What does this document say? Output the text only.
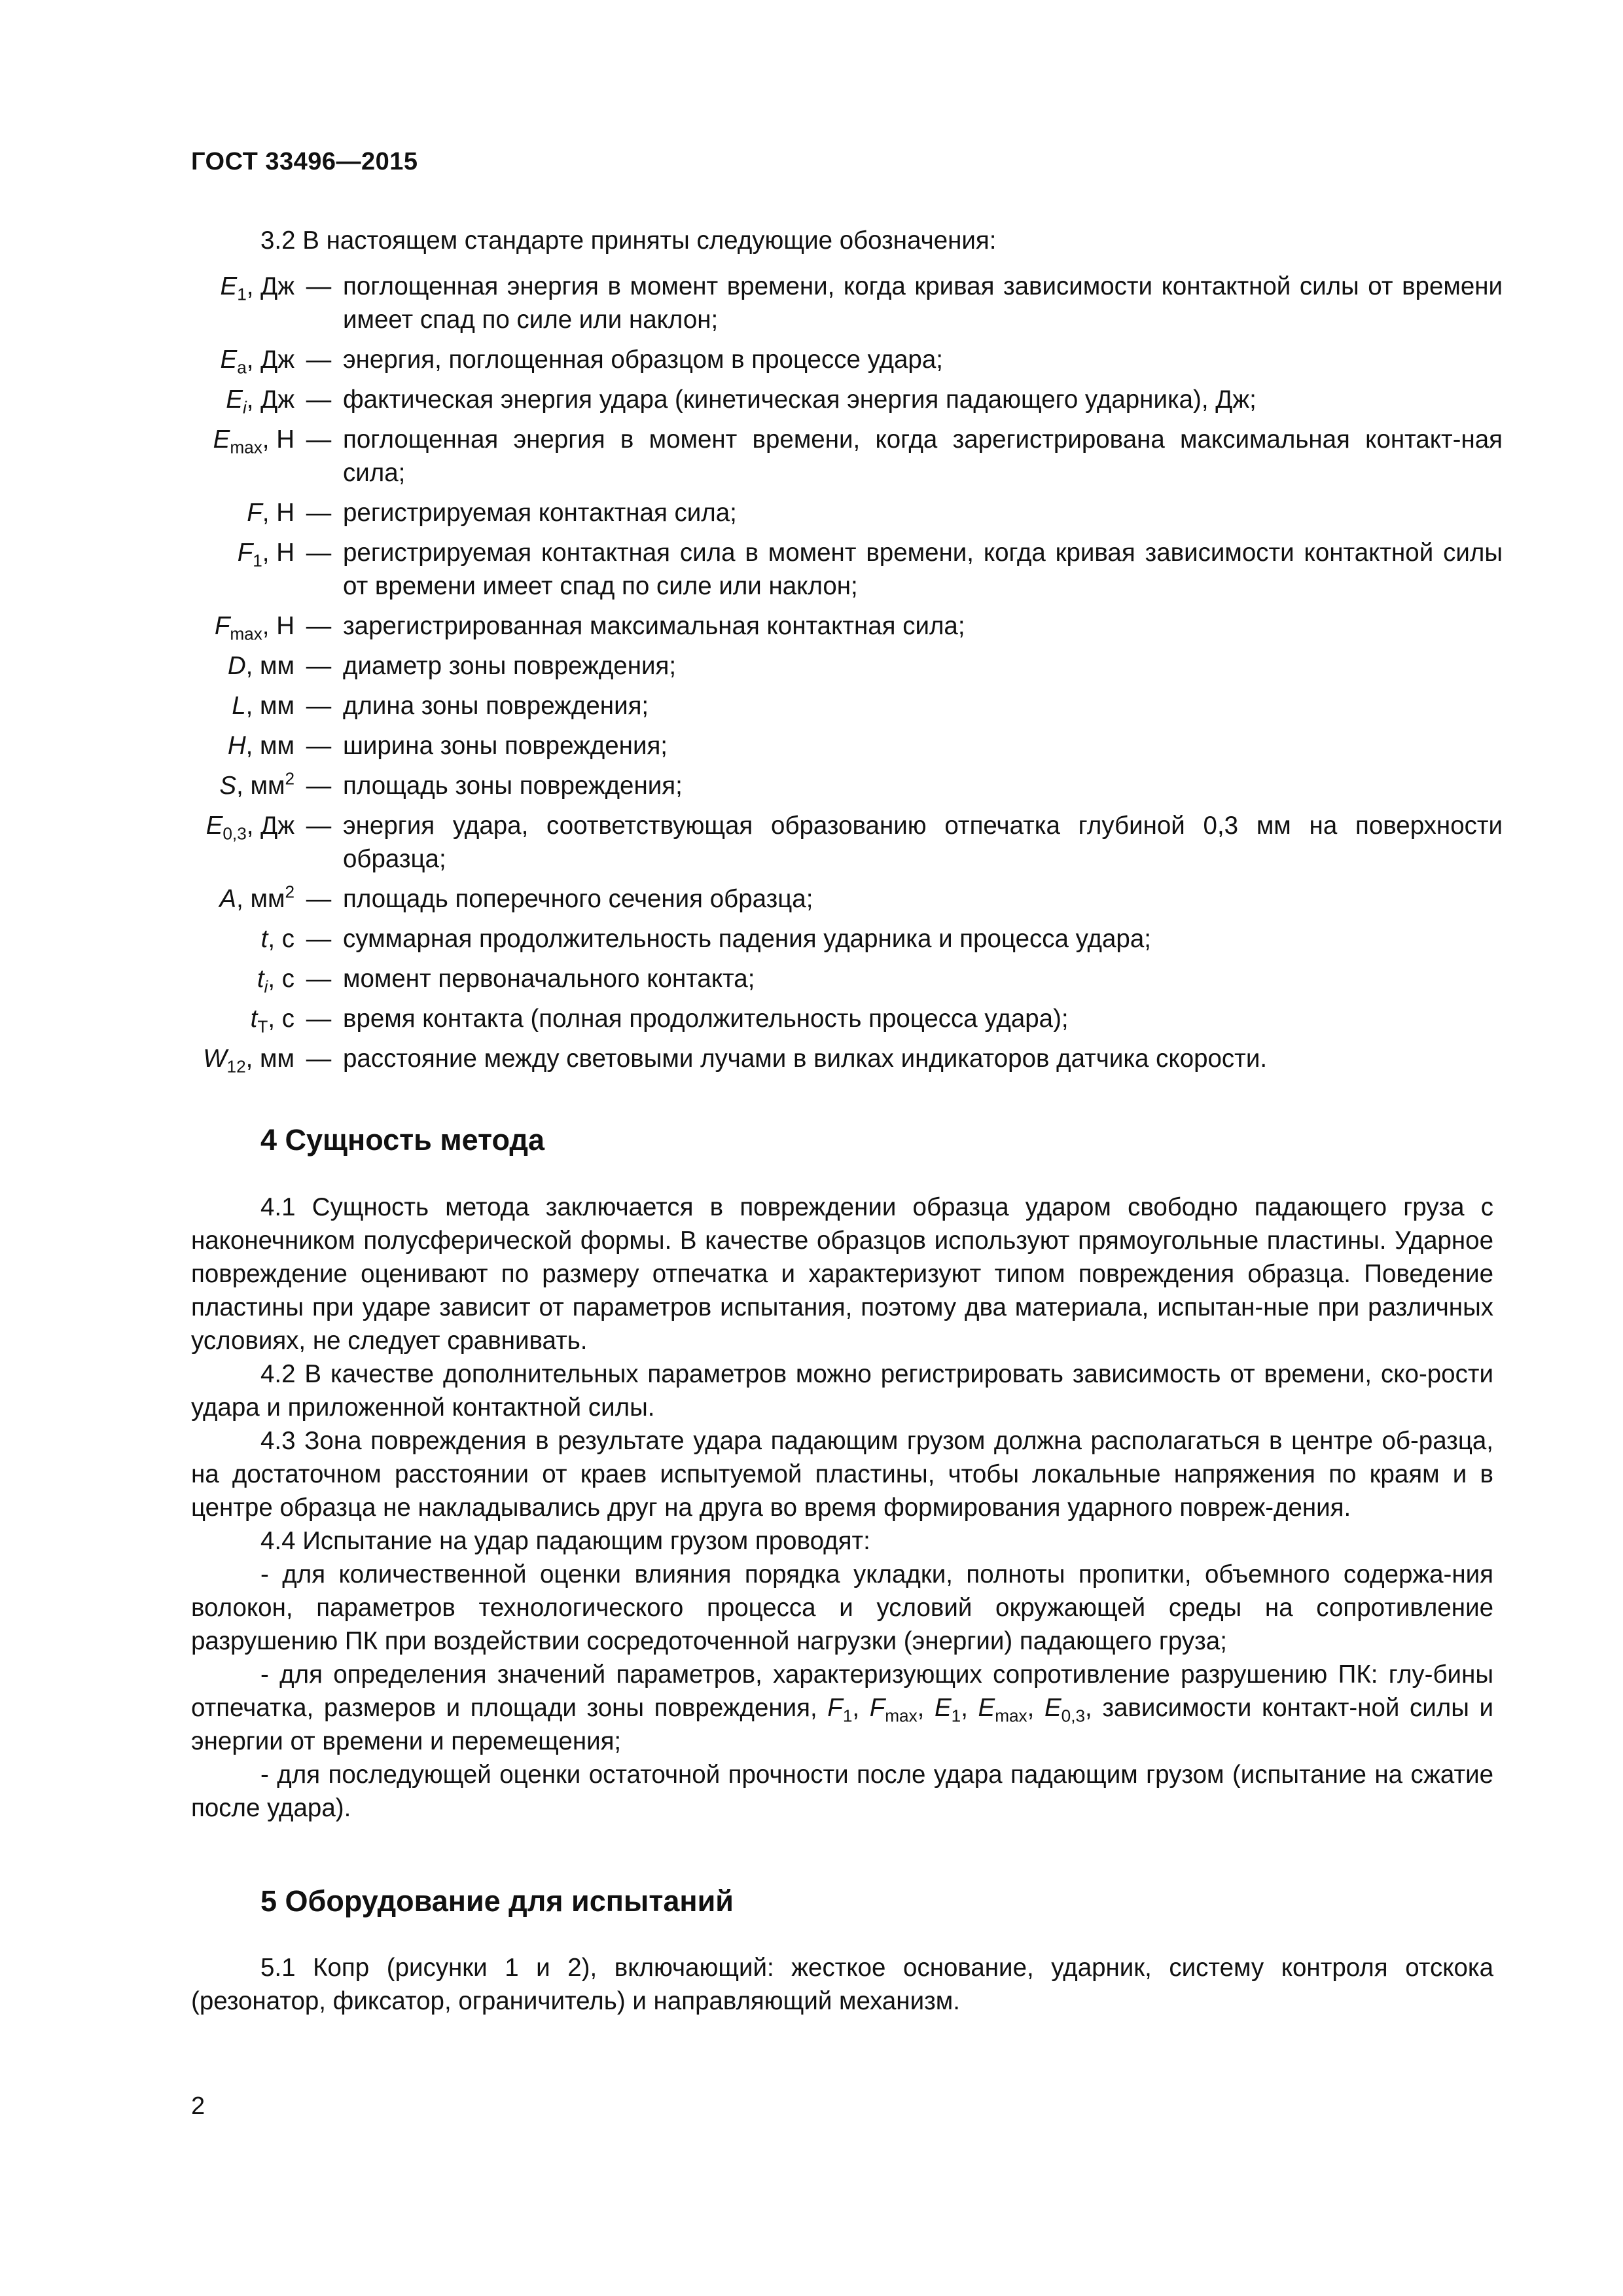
ГОСТ 33496—2015
3.2 В настоящем стандарте приняты следующие обозначения:
$E_1$, Дж — поглощенная энергия в момент времени, когда кривая зависимости контактной силы от времени имеет спад по силе или наклон;
$E_a$, Дж — энергия, поглощенная образцом в процессе удара;
$E_i$, Дж — фактическая энергия удара (кинетическая энергия падающего ударника), Дж;
$E_{max}$, Н — поглощенная энергия в момент времени, когда зарегистрирована максимальная контакт-ная сила;
F, Н — регистрируемая контактная сила;
$F_1$, Н — регистрируемая контактная сила в момент времени, когда кривая зависимости контактной силы от времени имеет спад по силе или наклон;
$F_{max}$, Н — зарегистрированная максимальная контактная сила;
D, мм — диаметр зоны повреждения;
L, мм — длина зоны повреждения;
H, мм — ширина зоны повреждения;
S, $мм^2$ — площадь зоны повреждения;
$E_{0,3}$, Дж — энергия удара, соответствующая образованию отпечатка глубиной 0,3 мм на поверхности образца;
A, $мм^2$ — площадь поперечного сечения образца;
t, с — суммарная продолжительность падения ударника и процесса удара;
$t_i$, с — момент первоначального контакта;
$t_T$, с — время контакта (полная продолжительность процесса удара);
$W_{12}$, мм — расстояние между световыми лучами в вилках индикаторов датчика скорости.
4 Сущность метода

4.1 Сущность метода заключается в повреждении образца ударом свободно падающего груза с наконечником полусферической формы. В качестве образцов используют прямоугольные пластины. Ударное повреждение оценивают по размеру отпечатка и характеризуют типом повреждения образца. Поведение пластины при ударе зависит от параметров испытания, поэтому два материала, испытан-ные при различных условиях, не следует сравнивать.

4.2 В качестве дополнительных параметров можно регистрировать зависимость от времени, ско-рости удара и приложенной контактной силы.

4.3 Зона повреждения в результате удара падающим грузом должна располагаться в центре об-разца, на достаточном расстоянии от краев испытуемой пластины, чтобы локальные напряжения по краям и в центре образца не накладывались друг на друга во время формирования ударного повреж-дения.

4.4 Испытание на удар падающим грузом проводят:

- для количественной оценки влияния порядка укладки, полноты пропитки, объемного содержа-ния волокон, параметров технологического процесса и условий окружающей среды на сопротивление разрушению ПК при воздействии сосредоточенной нагрузки (энергии) падающего груза;

- для определения значений параметров, характеризующих сопротивление разрушению ПК: глу-бины отпечатка, размеров и площади зоны повреждения, $F_1$, $F_{max}$, $E_1$, $E_{max}$, $E_{0,3}$, зависимости контакт-ной силы и энергии от времени и перемещения;

- для последующей оценки остаточной прочности после удара падающим грузом (испытание на сжатие после удара).

5 Оборудование для испытаний

5.1 Копр (рисунки 1 и 2), включающий: жесткое основание, ударник, систему контроля отскока (резонатор, фиксатор, ограничитель) и направляющий механизм.

2
